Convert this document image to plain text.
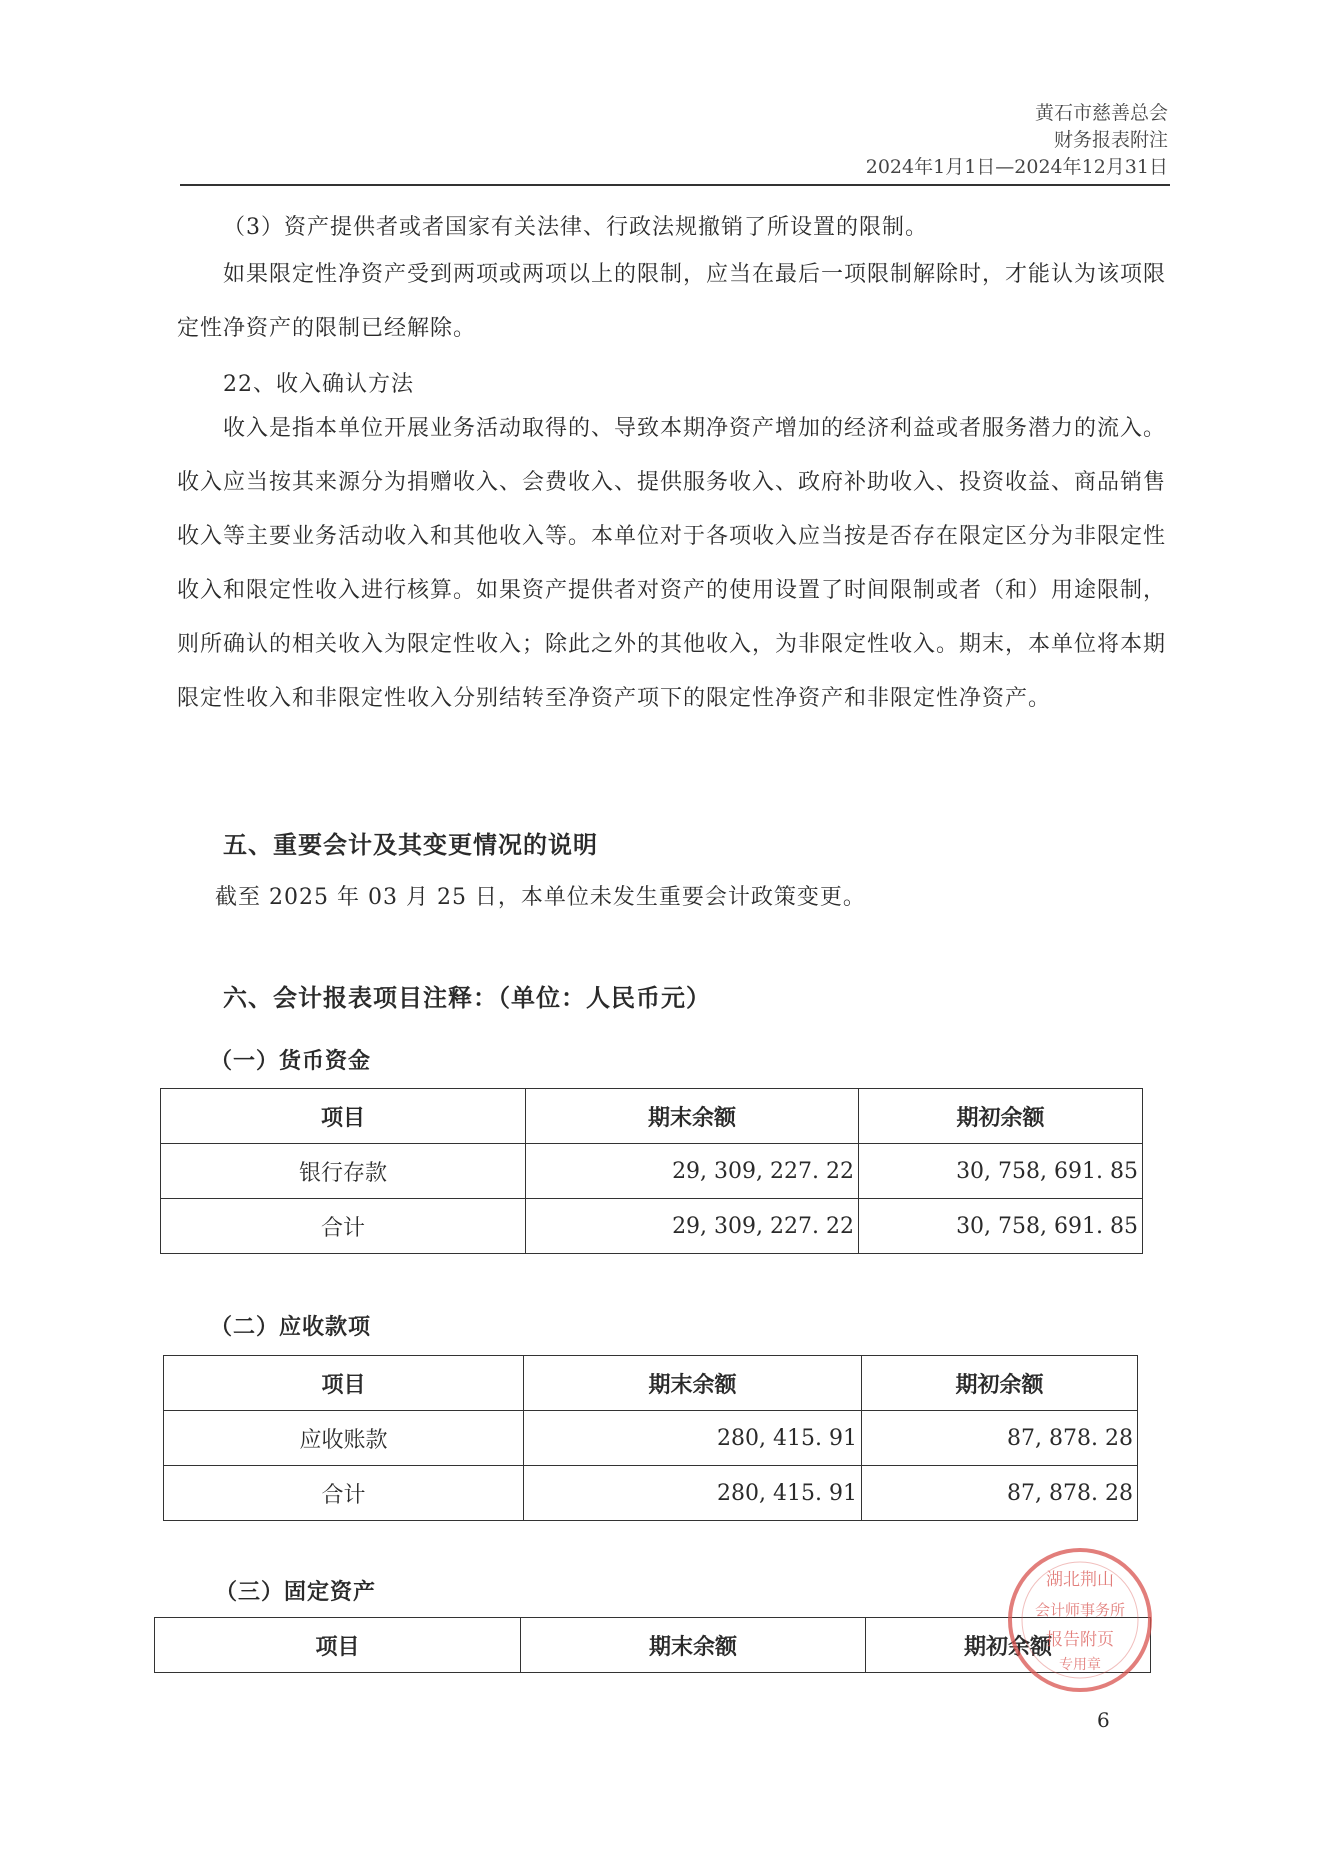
黄石市慈善总会
财务报表附注
2024年1月1日—2024年12月31日
（3）资产提供者或者国家有关法律、行政法规撤销了所设置的限制。

如果限定性净资产受到两项或两项以上的限制，应当在最后一项限制解除时，才能认为该项限定性净资产的限制已经解除。

22、收入确认方法

收入是指本单位开展业务活动取得的、导致本期净资产增加的经济利益或者服务潜力的流入。收入应当按其来源分为捐赠收入、会费收入、提供服务收入、政府补助收入、投资收益、商品销售收入等主要业务活动收入和其他收入等。本单位对于各项收入应当按是否存在限定区分为非限定性收入和限定性收入进行核算。如果资产提供者对资产的使用设置了时间限制或者（和）用途限制，则所确认的相关收入为限定性收入；除此之外的其他收入，为非限定性收入。期末，本单位将本期限定性收入和非限定性收入分别结转至净资产项下的限定性净资产和非限定性净资产。

五、重要会计及其变更情况的说明
截至 2025 年 03 月 25 日，本单位未发生重要会计政策变更。
六、会计报表项目注释：（单位：人民币元）
（一）货币资金
项目	期末余额	期初余额
银行存款	29, 309, 227. 22	30, 758, 691. 85
合计	29, 309, 227. 22	30, 758, 691. 85
（二）应收款项
项目	期末余额	期初余额
应收账款	280, 415. 91	87, 878. 28
合计	280, 415. 91	87, 878. 28
（三）固定资产
项目	期末余额	期初余额
湖北荆山
会计师事务所
报告附页
专用章
6
